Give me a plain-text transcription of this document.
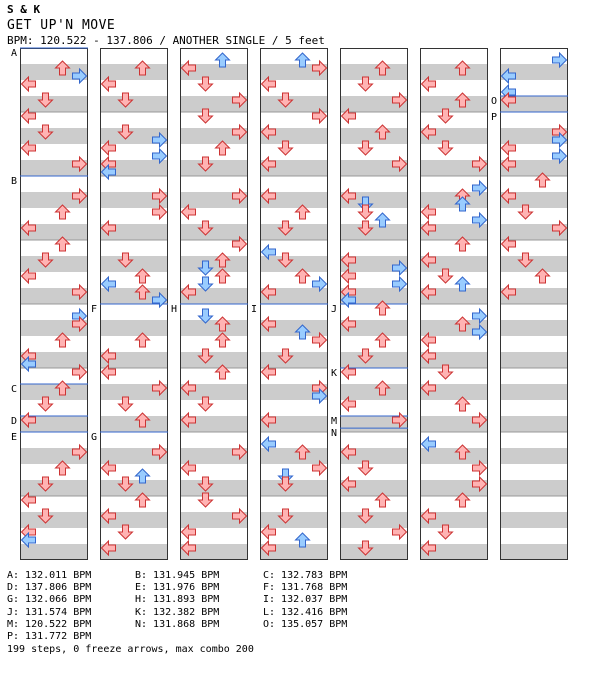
S & K
GET UP'N MOVE
BPM: 120.522 - 137.806 / ANOTHER SINGLE / 5 feet
A
B
C
D
E
F
G
H	I	J
K
M
N
O
P
A: 132.011 BPM	B: 131.945 BPM	C: 132.783 BPM
D: 137.806 BPM	E: 131.976 BPM	F: 131.768 BPM
G: 132.066 BPM	H: 131.893 BPM	I: 132.037 BPM
J: 131.574 BPM	K: 132.382 BPM	L: 132.416 BPM
M: 120.522 BPM	N: 131.868 BPM	O: 135.057 BPM
P: 131.772 BPM
199 steps, 0 freeze arrows, max combo 200
